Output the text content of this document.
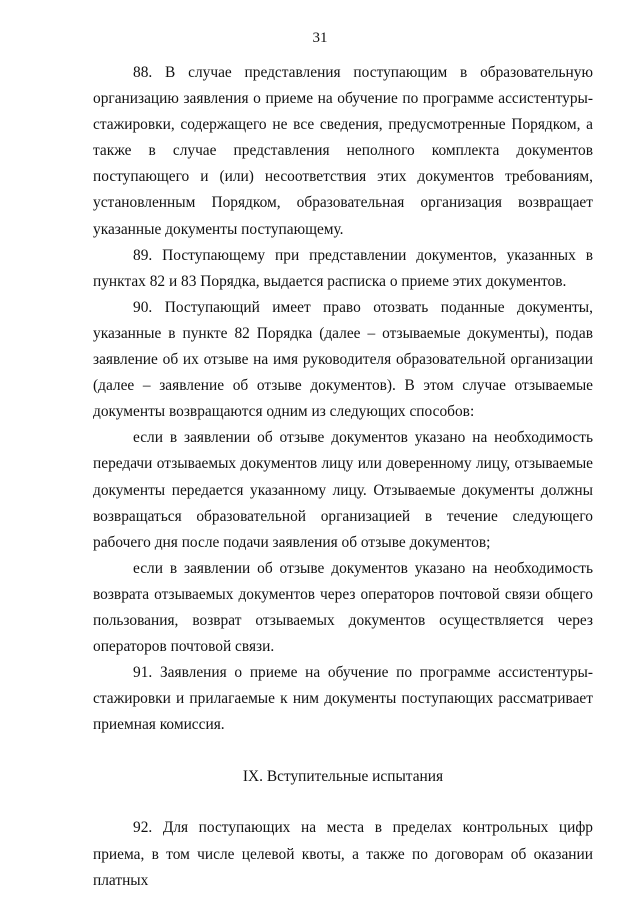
31

88. В случае представления поступающим в образовательную организацию заявления о приеме на обучение по программе ассистентуры-стажировки, содержащего не все сведения, предусмотренные Порядком, а также в случае представления неполного комплекта документов поступающего и (или) несоответствия этих документов требованиям, установленным Порядком, образовательная организация возвращает указанные документы поступающему.

89. Поступающему при представлении документов, указанных в пунктах 82 и 83 Порядка, выдается расписка о приеме этих документов.

90. Поступающий имеет право отозвать поданные документы, указанные в пункте 82 Порядка (далее – отзываемые документы), подав заявление об их отзыве на имя руководителя образовательной организации (далее – заявление об отзыве документов). В этом случае отзываемые документы возвращаются одним из следующих способов:

если в заявлении об отзыве документов указано на необходимость передачи отзываемых документов лицу или доверенному лицу, отзываемые документы передается указанному лицу. Отзываемые документы должны возвращаться образовательной организацией в течение следующего рабочего дня после подачи заявления об отзыве документов;

если в заявлении об отзыве документов указано на необходимость возврата отзываемых документов через операторов почтовой связи общего пользования, возврат отзываемых документов осуществляется через операторов почтовой связи.

91. Заявления о приеме на обучение по программе ассистентуры-стажировки и прилагаемые к ним документы поступающих рассматривает приемная комиссия.

IX. Вступительные испытания

92. Для поступающих на места в пределах контрольных цифр приема, в том числе целевой квоты, а также по договорам об оказании платных
